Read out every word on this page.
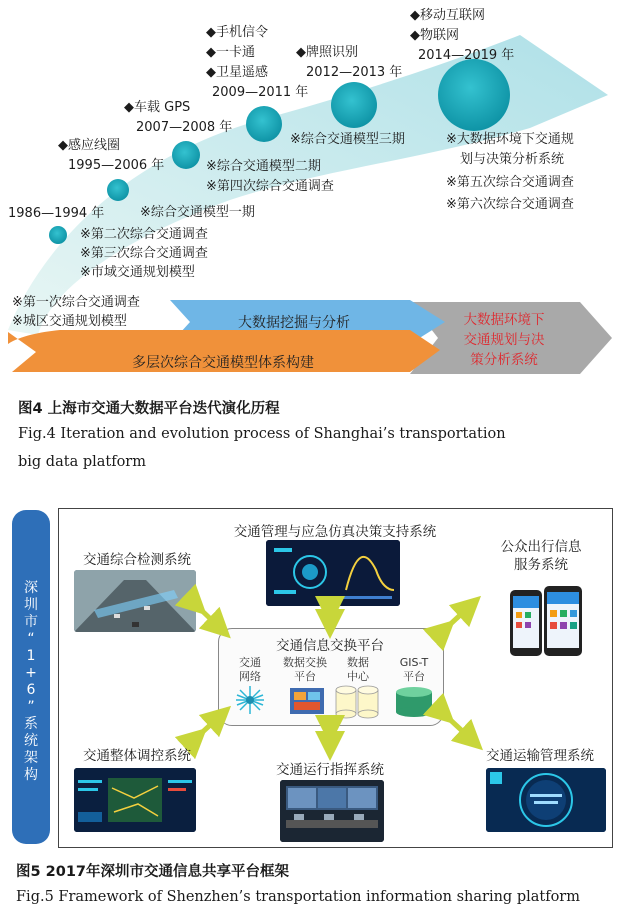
1986—1994 年
※第一次综合交通调查
※城区交通规划模型
◆感应线圈
1995—2006 年
※第二次综合交通调查
※第三次综合交通调查
※市域交通规划模型
◆车载 GPS
2007—2008 年
※综合交通模型一期
◆手机信令
◆一卡通
◆卫星遥感
2009—2011 年
※综合交通模型二期
※第四次综合交通调查
◆牌照识别
2012—2013 年
※综合交通模型三期
◆移动互联网
◆物联网
2014—2019 年
※大数据环境下交通规
划与决策分析系统
※第五次综合交通调查
※第六次综合交通调查
大数据挖掘与分析
多层次综合交通模型体系构建
大数据环境下
交通规划与决
策分析系统
图4 上海市交通大数据平台迭代演化历程
Fig.4 Iteration and evolution process of Shanghai’s transportation
big data platform
深
圳
市
“
1
+
6
”
系
统
架
构
交通管理与应急仿真决策支持系统
交通综合检测系统
公众出行信息
服务系统
交通信息交换平台
交通
网络
数据交换
平台
数据
中心
GIS-T
平台
交通整体调控系统
交通运行指挥系统
交通运输管理系统
图5 2017年深圳市交通信息共享平台框架
Fig.5 Framework of Shenzhen’s transportation information sharing platform
